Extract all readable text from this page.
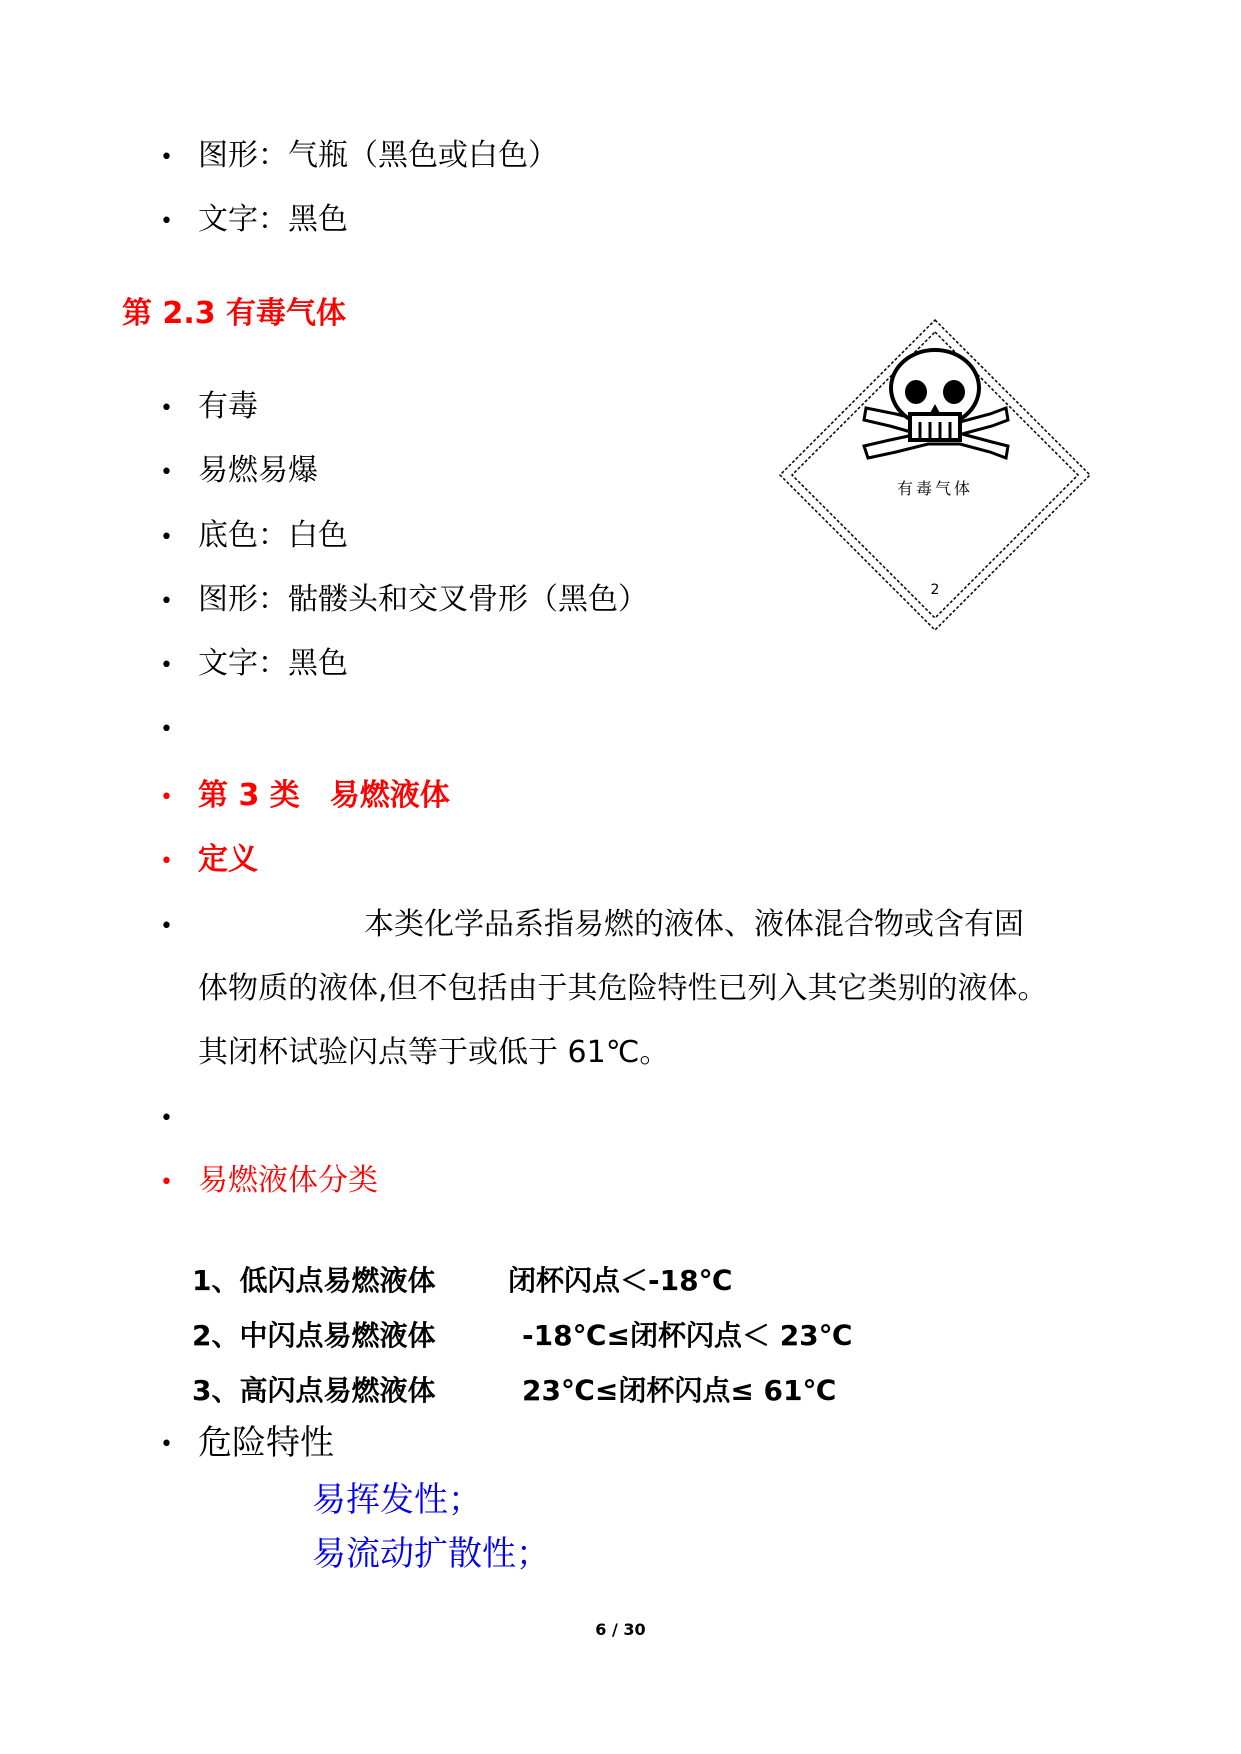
• 图形：气瓶（黑色或白色）
• 文字：黑色
第 2.3 有毒气体
• 有毒
• 易燃易爆
• 底色：白色
• 图形：骷髅头和交叉骨形（黑色）
• 文字：黑色
•
有毒气体
2
• 第 3 类　易燃液体
• 定义
•	本类化学品系指易燃的液体、液体混合物或含有固
体物质的液体,但不包括由于其危险特性已列入其它类别的液体。
其闭杯试验闪点等于或低于 61℃。
•
• 易燃液体分类
1、低闪点易燃液体	闭杯闪点＜-18℃
2、中闪点易燃液体	-18℃≤闭杯闪点＜ 23℃
3、高闪点易燃液体	23℃≤闭杯闪点≤ 61℃
• 危险特性
易挥发性；
易流动扩散性；
6 / 30
